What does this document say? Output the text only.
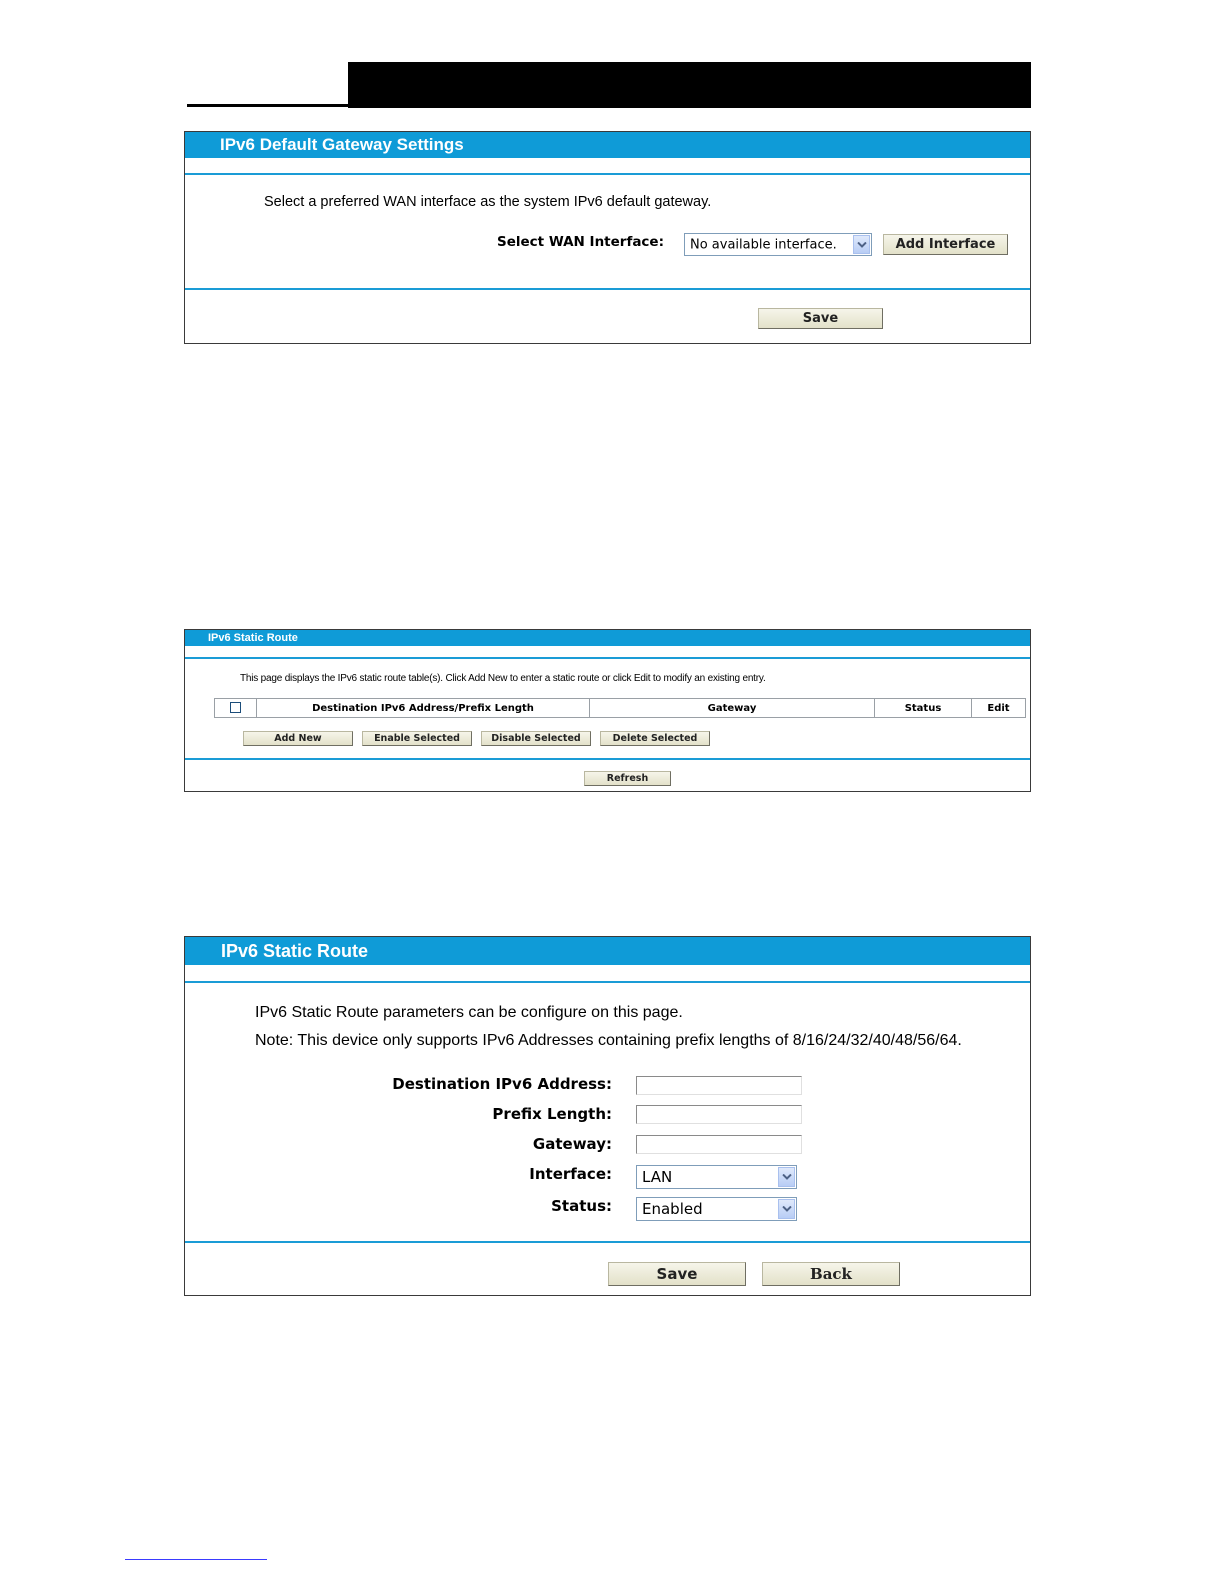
IPv6 Default Gateway Settings
Select a preferred WAN interface as the system IPv6 default gateway.
Select WAN Interface: No available interface.	Add Interface
Save
IPv6 Static Route
This page displays the IPv6 static route table(s). Click Add New to enter a static route or click Edit to modify an existing entry.
	Destination IPv6 Address/Prefix Length	Gateway	Status	Edit
Add New	Enable Selected	Disable Selected	Delete Selected
Refresh
IPv6 Static Route
IPv6 Static Route parameters can be configure on this page.
Note: This device only supports IPv6 Addresses containing prefix lengths of 8/16/24/32/40/48/56/64.
Destination IPv6 Address:
Prefix Length:
Gateway:
Interface: LAN
Status: Enabled
Save	Back
